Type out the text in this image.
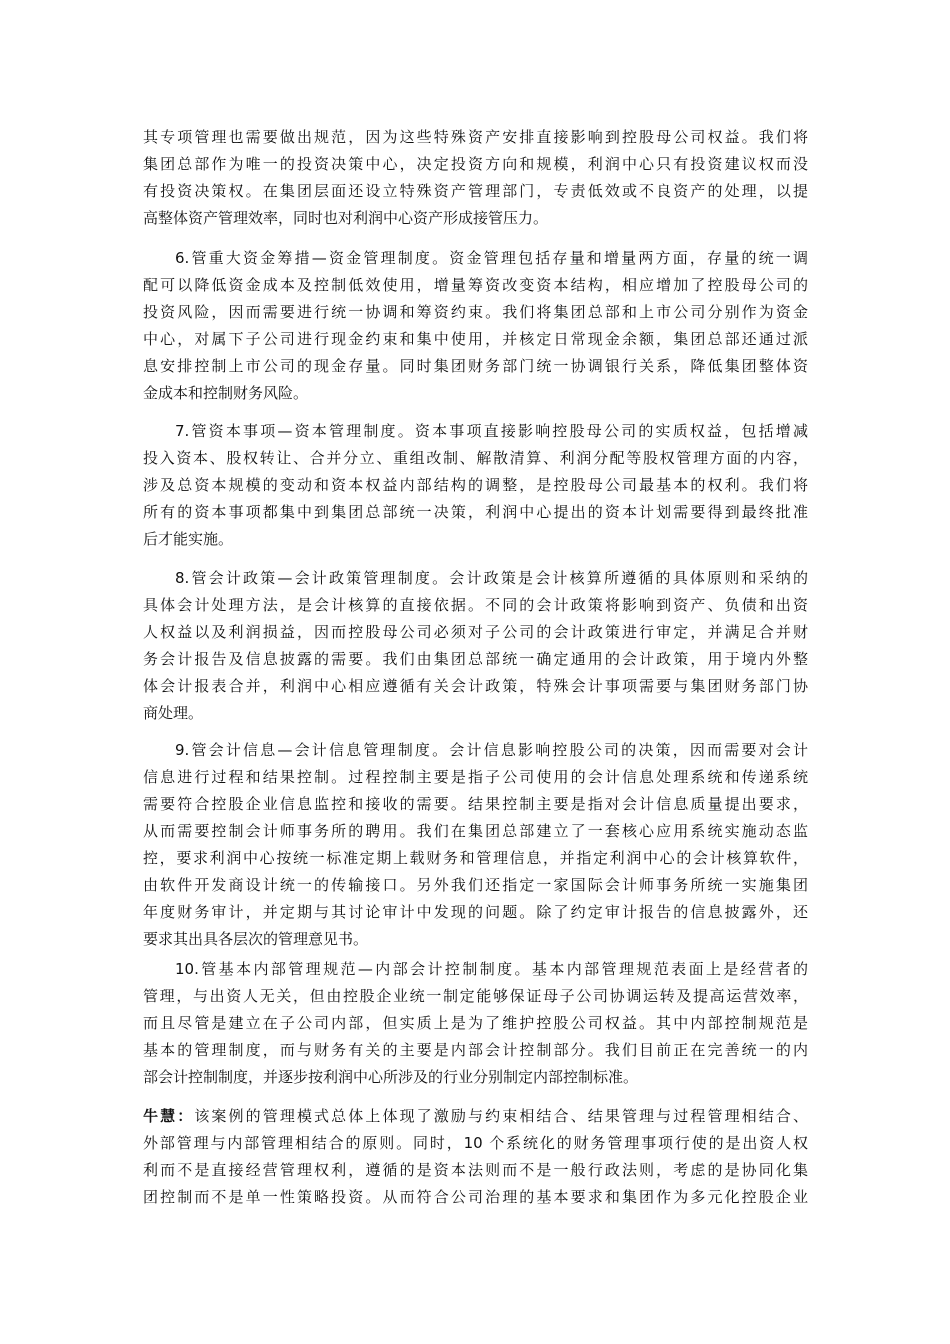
其专项管理也需要做出规范，因为这些特殊资产安排直接影响到控股母公司权益。我们将
集团总部作为唯一的投资决策中心，决定投资方向和规模，利润中心只有投资建议权而没
有投资决策权。在集团层面还设立特殊资产管理部门，专责低效或不良资产的处理，以提
高整体资产管理效率，同时也对利润中心资产形成接管压力。
6.管重大资金筹措—资金管理制度。资金管理包括存量和增量两方面，存量的统一调
配可以降低资金成本及控制低效使用，增量筹资改变资本结构，相应增加了控股母公司的
投资风险，因而需要进行统一协调和筹资约束。我们将集团总部和上市公司分别作为资金
中心，对属下子公司进行现金约束和集中使用，并核定日常现金余额，集团总部还通过派
息安排控制上市公司的现金存量。同时集团财务部门统一协调银行关系，降低集团整体资
金成本和控制财务风险。
7.管资本事项—资本管理制度。资本事项直接影响控股母公司的实质权益，包括增减
投入资本、股权转让、合并分立、重组改制、解散清算、利润分配等股权管理方面的内容，
涉及总资本规模的变动和资本权益内部结构的调整，是控股母公司最基本的权利。我们将
所有的资本事项都集中到集团总部统一决策，利润中心提出的资本计划需要得到最终批准
后才能实施。
8.管会计政策—会计政策管理制度。会计政策是会计核算所遵循的具体原则和采纳的
具体会计处理方法，是会计核算的直接依据。不同的会计政策将影响到资产、负债和出资
人权益以及利润损益，因而控股母公司必须对子公司的会计政策进行审定，并满足合并财
务会计报告及信息披露的需要。我们由集团总部统一确定通用的会计政策，用于境内外整
体会计报表合并，利润中心相应遵循有关会计政策，特殊会计事项需要与集团财务部门协
商处理。
9.管会计信息—会计信息管理制度。会计信息影响控股公司的决策，因而需要对会计
信息进行过程和结果控制。过程控制主要是指子公司使用的会计信息处理系统和传递系统
需要符合控股企业信息监控和接收的需要。结果控制主要是指对会计信息质量提出要求，
从而需要控制会计师事务所的聘用。我们在集团总部建立了一套核心应用系统实施动态监
控，要求利润中心按统一标准定期上载财务和管理信息，并指定利润中心的会计核算软件，
由软件开发商设计统一的传输接口。另外我们还指定一家国际会计师事务所统一实施集团
年度财务审计，并定期与其讨论审计中发现的问题。除了约定审计报告的信息披露外，还
要求其出具各层次的管理意见书。
10.管基本内部管理规范—内部会计控制制度。基本内部管理规范表面上是经营者的
管理，与出资人无关，但由控股企业统一制定能够保证母子公司协调运转及提高运营效率，
而且尽管是建立在子公司内部，但实质上是为了维护控股公司权益。其中内部控制规范是
基本的管理制度，而与财务有关的主要是内部会计控制部分。我们目前正在完善统一的内
部会计控制制度，并逐步按利润中心所涉及的行业分别制定内部控制标准。
牛慧：该案例的管理模式总体上体现了激励与约束相结合、结果管理与过程管理相结合、
外部管理与内部管理相结合的原则。同时，10 个系统化的财务管理事项行使的是出资人权
利而不是直接经营管理权利，遵循的是资本法则而不是一般行政法则，考虑的是协同化集
团控制而不是单一性策略投资。从而符合公司治理的基本要求和集团作为多元化控股企业
